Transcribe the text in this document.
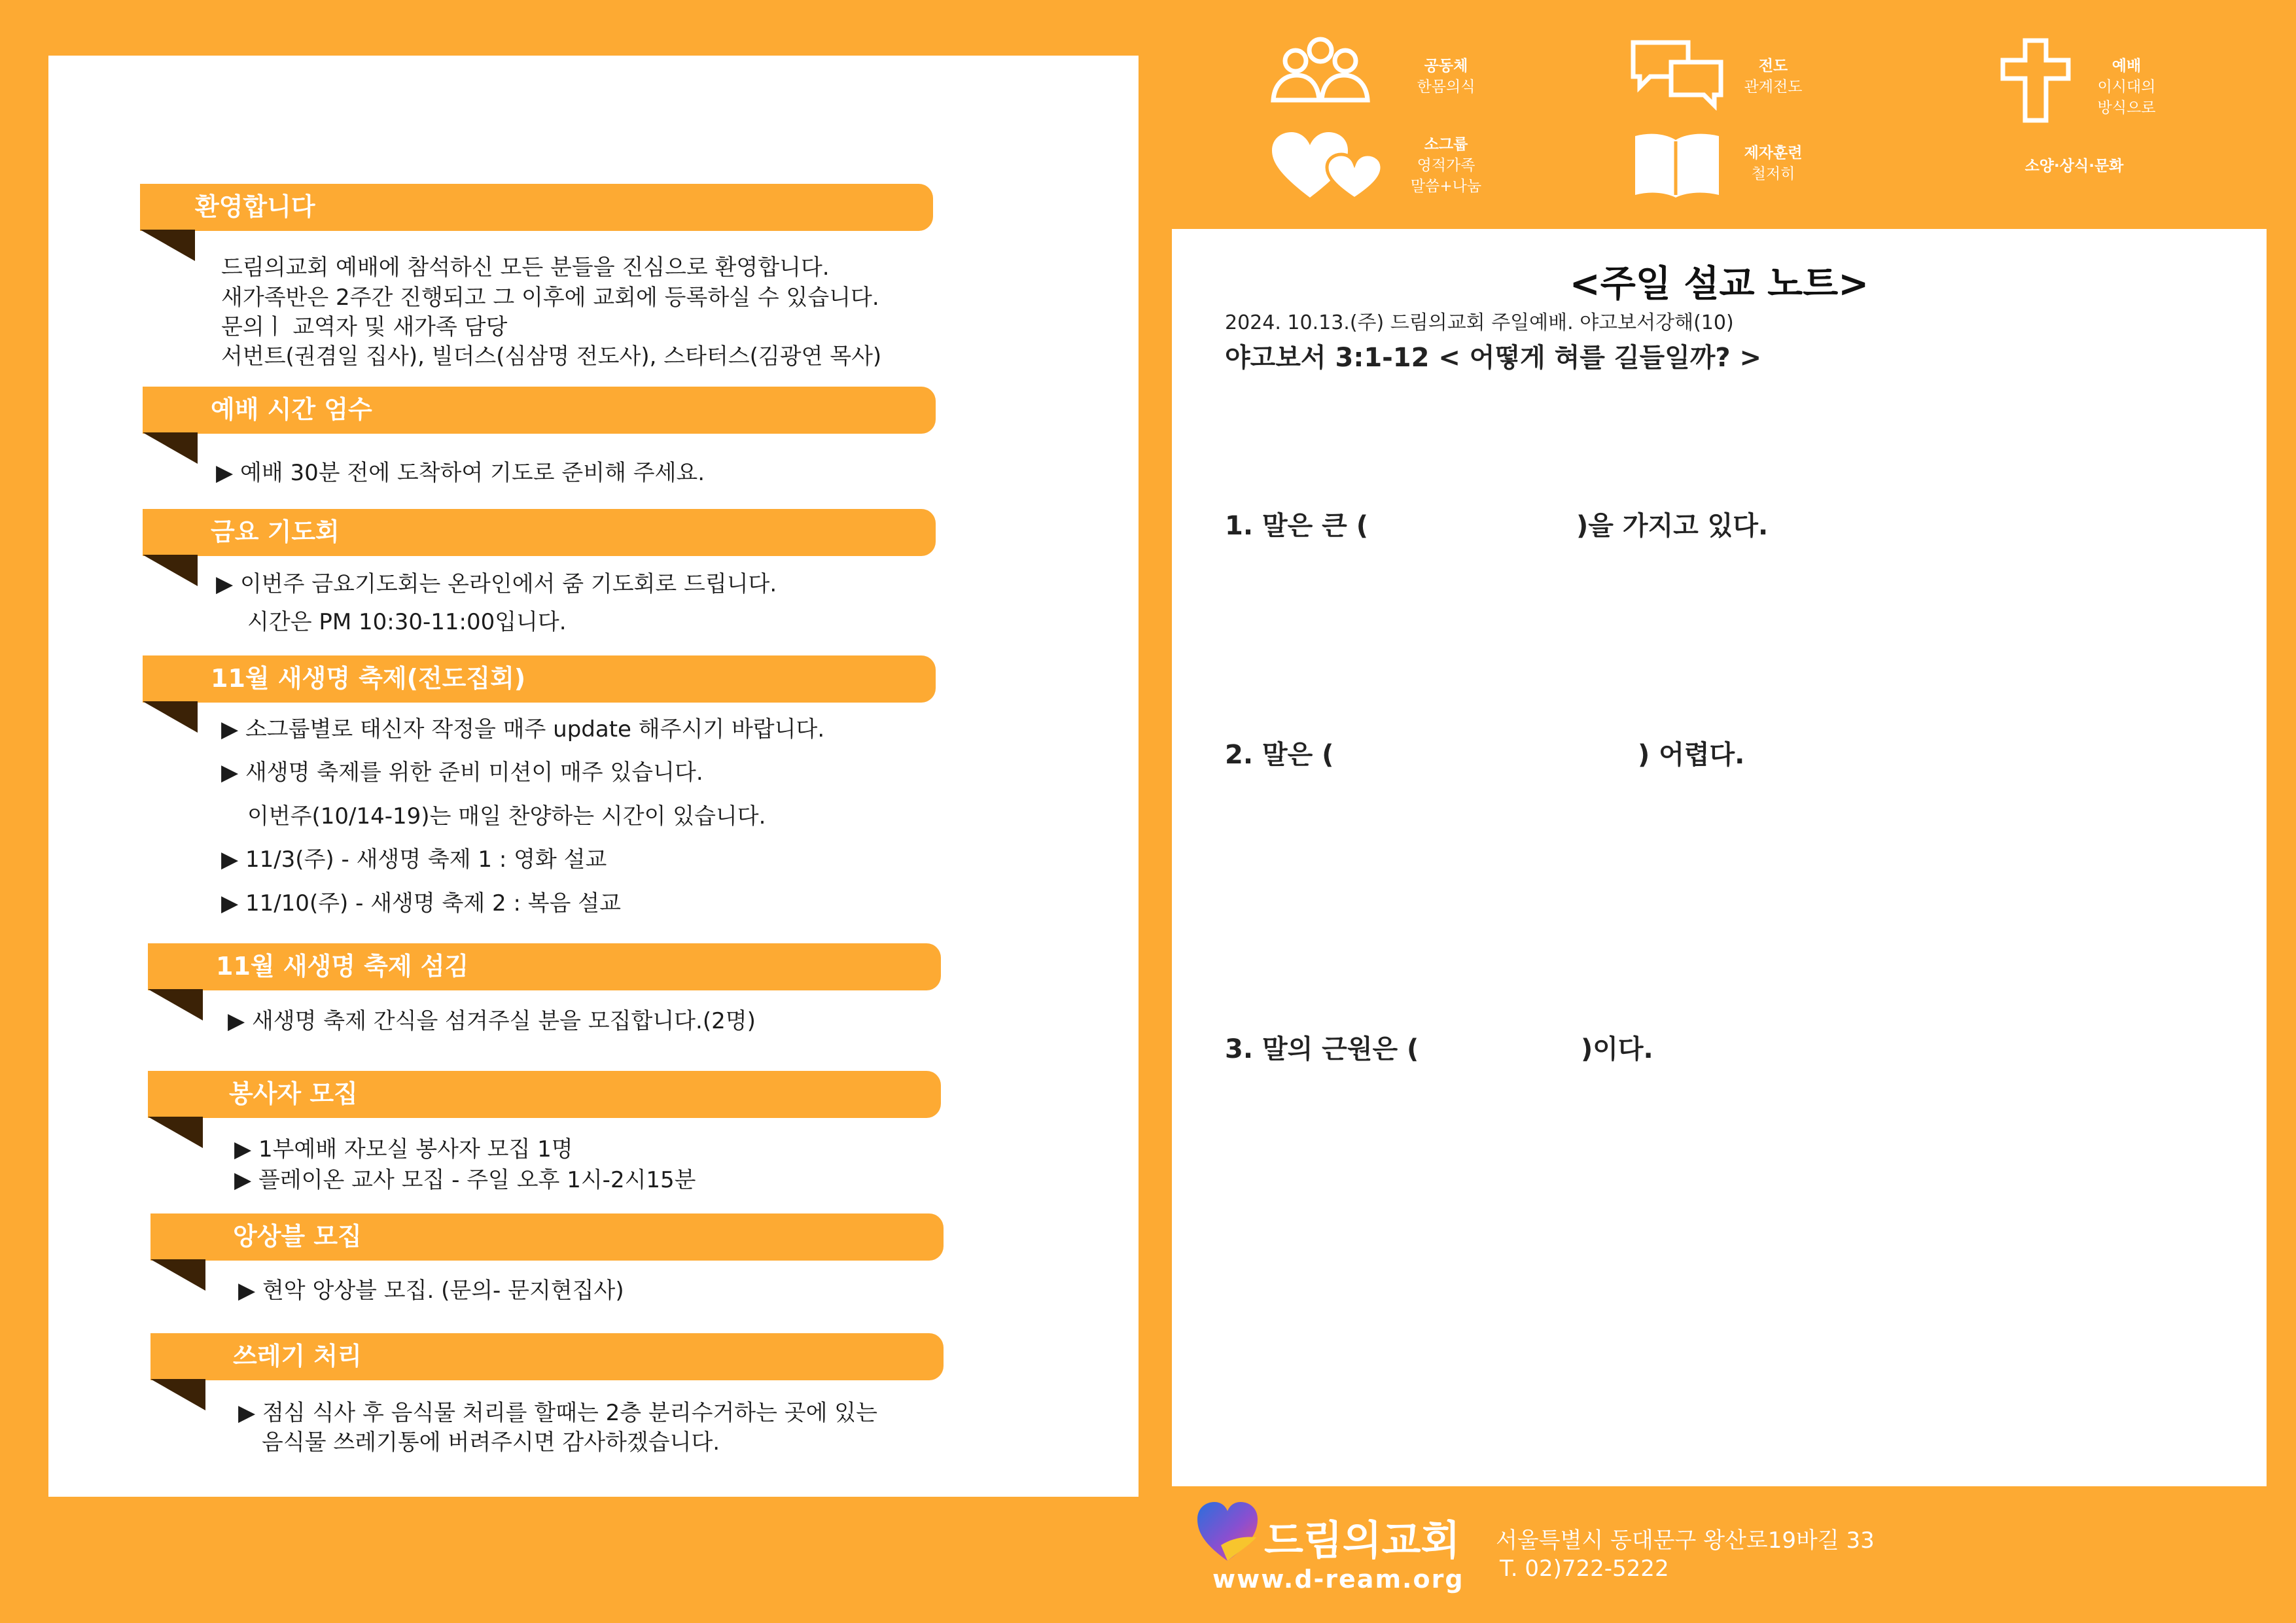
공동체
한몸의식
전도
관계전도
예배
이시대의
방식으로
소그룹
영적가족
말씀+나눔
제자훈련
철저히	소양·상식·문화
환영합니다
드림의교회 예배에 참석하신 모든 분들을 진심으로 환영합니다.
새가족반은 2주간 진행되고 그 이후에 교회에 등록하실 수 있습니다.
문의ㅣ 교역자 및 새가족 담당
서번트(권겸일 집사), 빌더스(심삼명 전도사), 스타터스(김광연 목사)
예배 시간 엄수
▶ 예배 30분 전에 도착하여 기도로 준비해 주세요.
금요 기도회
▶ 이번주 금요기도회는 온라인에서 줌 기도회로 드립니다.
시간은 PM 10:30-11:00입니다.
11월 새생명 축제(전도집회)
▶ 소그룹별로 태신자 작정을 매주 update 해주시기 바랍니다.
▶ 새생명 축제를 위한 준비 미션이 매주 있습니다.
이번주(10/14-19)는 매일 찬양하는 시간이 있습니다.
▶ 11/3(주) - 새생명 축제 1 : 영화 설교
▶ 11/10(주) - 새생명 축제 2 : 복음 설교
11월 새생명 축제 섬김
▶ 새생명 축제 간식을 섬겨주실 분을 모집합니다.(2명)
봉사자 모집
▶ 1부예배 자모실 봉사자 모집 1명
▶ 플레이온 교사 모집 - 주일 오후 1시-2시15분
앙상블 모집
▶ 현악 앙상블 모집. (문의- 문지현집사)
쓰레기 처리
▶ 점심 식사 후 음식물 처리를 할때는 2층 분리수거하는 곳에 있는
음식물 쓰레기통에 버려주시면 감사하겠습니다.
<주일 설교 노트>
2024. 10.13.(주) 드림의교회 주일예배. 야고보서강해(10)
야고보서 3:1-12 < 어떻게 혀를 길들일까? >
1. 말은 큰 (	)을 가지고 있다.
2. 말은 (	) 어렵다.
3. 말의 근원은 (	)이다.
드림의교회
www.d-ream.org
서울특별시 동대문구 왕산로19바길 33
T. 02)722-5222
